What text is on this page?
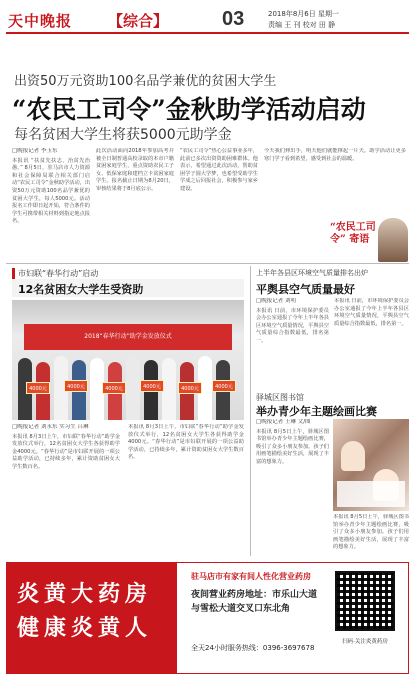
天中晚报 【综合】	03	2018年8月6日 星期一
责编 王 刊 校对 田 静
出资50万元资助100名品学兼优的贫困大学生
“农民工司令”金秋助学活动启动
每名贫困大学生将获5000元助学金
□晚报记者 李玉东
本报讯 “扶贫先扶志，治贫先治愚。” 8月5日，驻马店市人力资源和社会保障局联合相关部门启动“农民工司令”金秋助学活动，出资50万元资助100名品学兼优的贫困大学生，每人5000元。活动报名工作即日起开始，符合条件的学生可携带相关材料到指定地点报名。
此次活动面向2018年参加高考并被全日制普通高校录取的本市户籍贫困家庭学生，重点资助农民工子女、低保家庭和建档立卡贫困家庭学生。报名截止日期为8月20日，审核结果将于8月底公示。
“农民工司令”热心公益事业多年，此前已多次出资资助困难群体。他表示，希望通过此次活动，帮助贫困学子圆大学梦，也希望受助学生学成之后回报社会，积极参与家乡建设。
今天我们伸出手，明天他们就能撑起一片天。助学活动让更多寒门学子看到希望，感受到社会的温暖。
“农民工司令” 寄语
市妇联“春华行动”启动
12名贫困女大学生受资助
2018“春华行动”助学金发放仪式
4000元	4000元	4000元	4000元	4000元	4000元
□晚报记者 刘永东 实习生 吕琳
本报讯 8月3日上午，市妇联“春华行动”助学金发放仪式举行，12名贫困女大学生各获得助学金4000元。“春华行动”是市妇联开展的一项公益助学活动，已持续多年，累计资助贫困女大学生数百名。
本报讯 8月3日上午，市妇联“春华行动”助学金发放仪式举行，12名贫困女大学生各获得助学金4000元。“春华行动”是市妇联开展的一项公益助学活动，已持续多年，累计资助贫困女大学生数百名。
上半年各县区环境空气质量排名出炉
平舆县空气质量最好
□晚报记者 刘明
本报讯 日前，市环境保护委员会办公室通报了今年上半年各县区环境空气质量情况，平舆县空气质量综合指数最低，排名第一。
本报讯 日前，市环境保护委员会办公室通报了今年上半年各县区环境空气质量情况，平舆县空气质量综合指数最低，排名第一。
驿城区图书馆
举办青少年主题绘画比赛
□晚报记者 王琳 文/图
本报讯 8月5日上午，驿城区图书馆举办青少年主题绘画比赛，吸引了众多小朋友参加。孩子们用画笔描绘美好生活，展现了丰富的想象力。
本报讯 8月5日上午，驿城区图书馆举办青少年主题绘画比赛，吸引了众多小朋友参加。孩子们用画笔描绘美好生活，展现了丰富的想象力。
炎黄大药房
健康炎黄人
驻马店市有家有间人性化营业药房
夜间营业药房地址：市乐山大道
与雪松大道交叉口东北角
全天24小时服务热线：0396-3697678
扫码·关注炎黄药房
